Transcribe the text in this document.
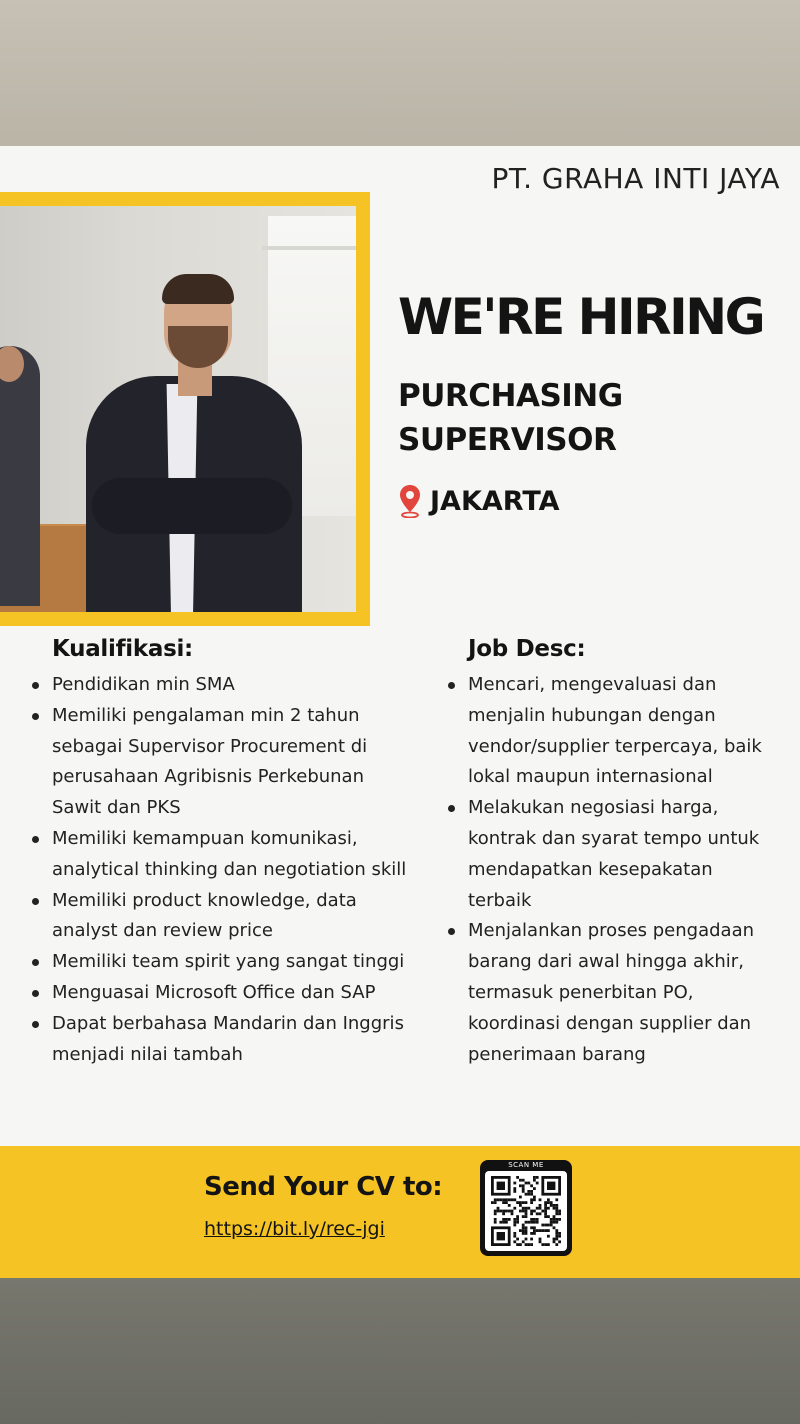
PT. GRAHA INTI JAYA
WE'RE HIRING
PURCHASING
SUPERVISOR
JAKARTA
Kualifikasi:
Pendidikan min SMA
Memiliki pengalaman min 2 tahun sebagai Supervisor Procurement di perusahaan Agribisnis Perkebunan Sawit dan PKS
Memiliki kemampuan komunikasi, analytical thinking dan negotiation skill
Memiliki product knowledge, data analyst dan review price
Memiliki team spirit yang sangat tinggi
Menguasai Microsoft Office dan SAP
Dapat berbahasa Mandarin dan Inggris menjadi nilai tambah
Job Desc:
Mencari, mengevaluasi dan menjalin hubungan dengan vendor/supplier terpercaya, baik lokal maupun internasional
Melakukan negosiasi harga, kontrak dan syarat tempo untuk mendapatkan kesepakatan terbaik
Menjalankan proses pengadaan barang dari awal hingga akhir, termasuk penerbitan PO, koordinasi dengan supplier dan penerimaan barang
Send Your CV to:
https://bit.ly/rec-jgi
SCAN ME
